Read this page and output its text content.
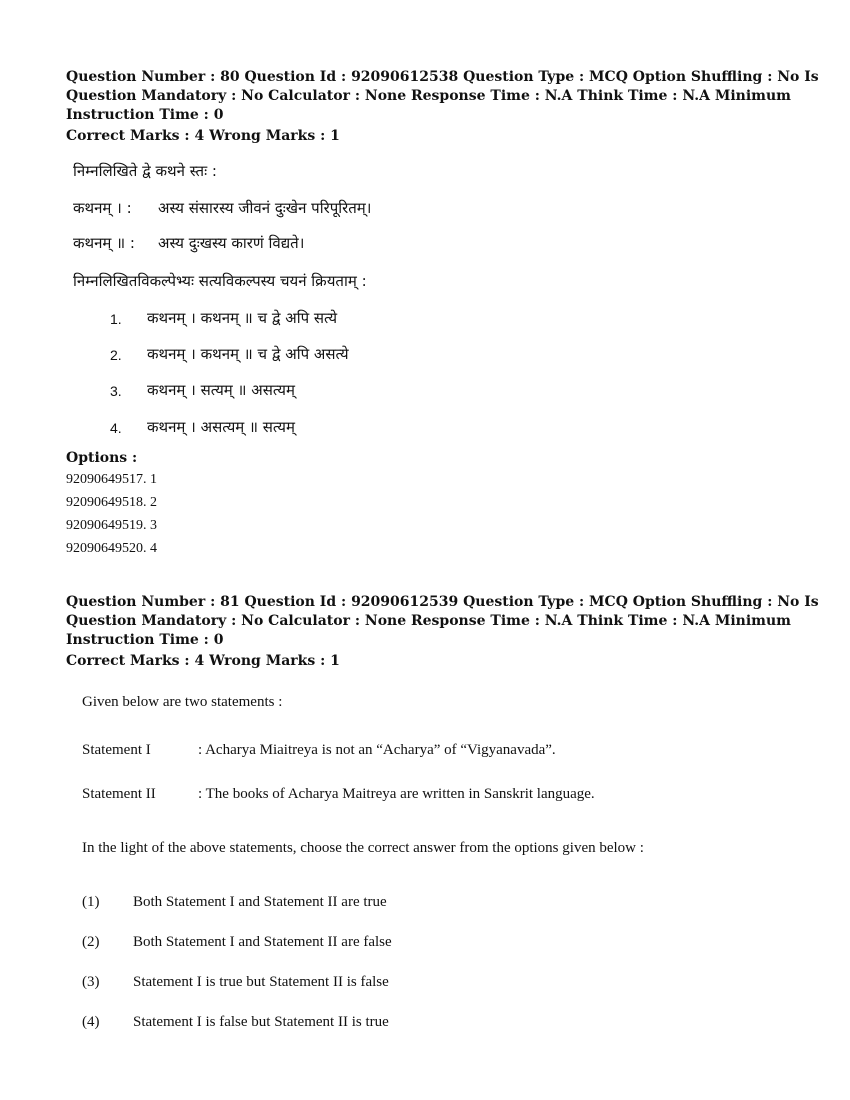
Question Number : 80 Question Id : 92090612538 Question Type : MCQ Option Shuffling : No Is
Question Mandatory : No Calculator : None Response Time : N.A Think Time : N.A Minimum
Instruction Time : 0
Correct Marks : 4 Wrong Marks : 1
निम्नलिखिते द्वे कथने स्तः :
कथनम् । : अस्य संसारस्य जीवनं दुःखेन परिपूरितम्।
कथनम् ॥ : अस्य दुःखस्य कारणं विद्यते।
निम्नलिखितविकल्पेभ्यः सत्यविकल्पस्य चयनं क्रियताम् :
1. कथनम् । कथनम् ॥ च द्वे अपि सत्ये
2. कथनम् । कथनम् ॥ च द्वे अपि असत्ये
3. कथनम् । सत्यम् ॥ असत्यम्
4. कथनम् । असत्यम् ॥ सत्यम्
Options :
92090649517. 1
92090649518. 2
92090649519. 3
92090649520. 4
Question Number : 81 Question Id : 92090612539 Question Type : MCQ Option Shuffling : No Is
Question Mandatory : No Calculator : None Response Time : N.A Think Time : N.A Minimum
Instruction Time : 0
Correct Marks : 4 Wrong Marks : 1
Given below are two statements :
Statement I	: Acharya Miaitreya is not an “Acharya” of “Vigyanavada”.
Statement II	: The books of Acharya Maitreya are written in Sanskrit language.
In the light of the above statements, choose the correct answer from the options given below :
(1) Both Statement I and Statement II are true
(2) Both Statement I and Statement II are false
(3) Statement I is true but Statement II is false
(4) Statement I is false but Statement II is true
